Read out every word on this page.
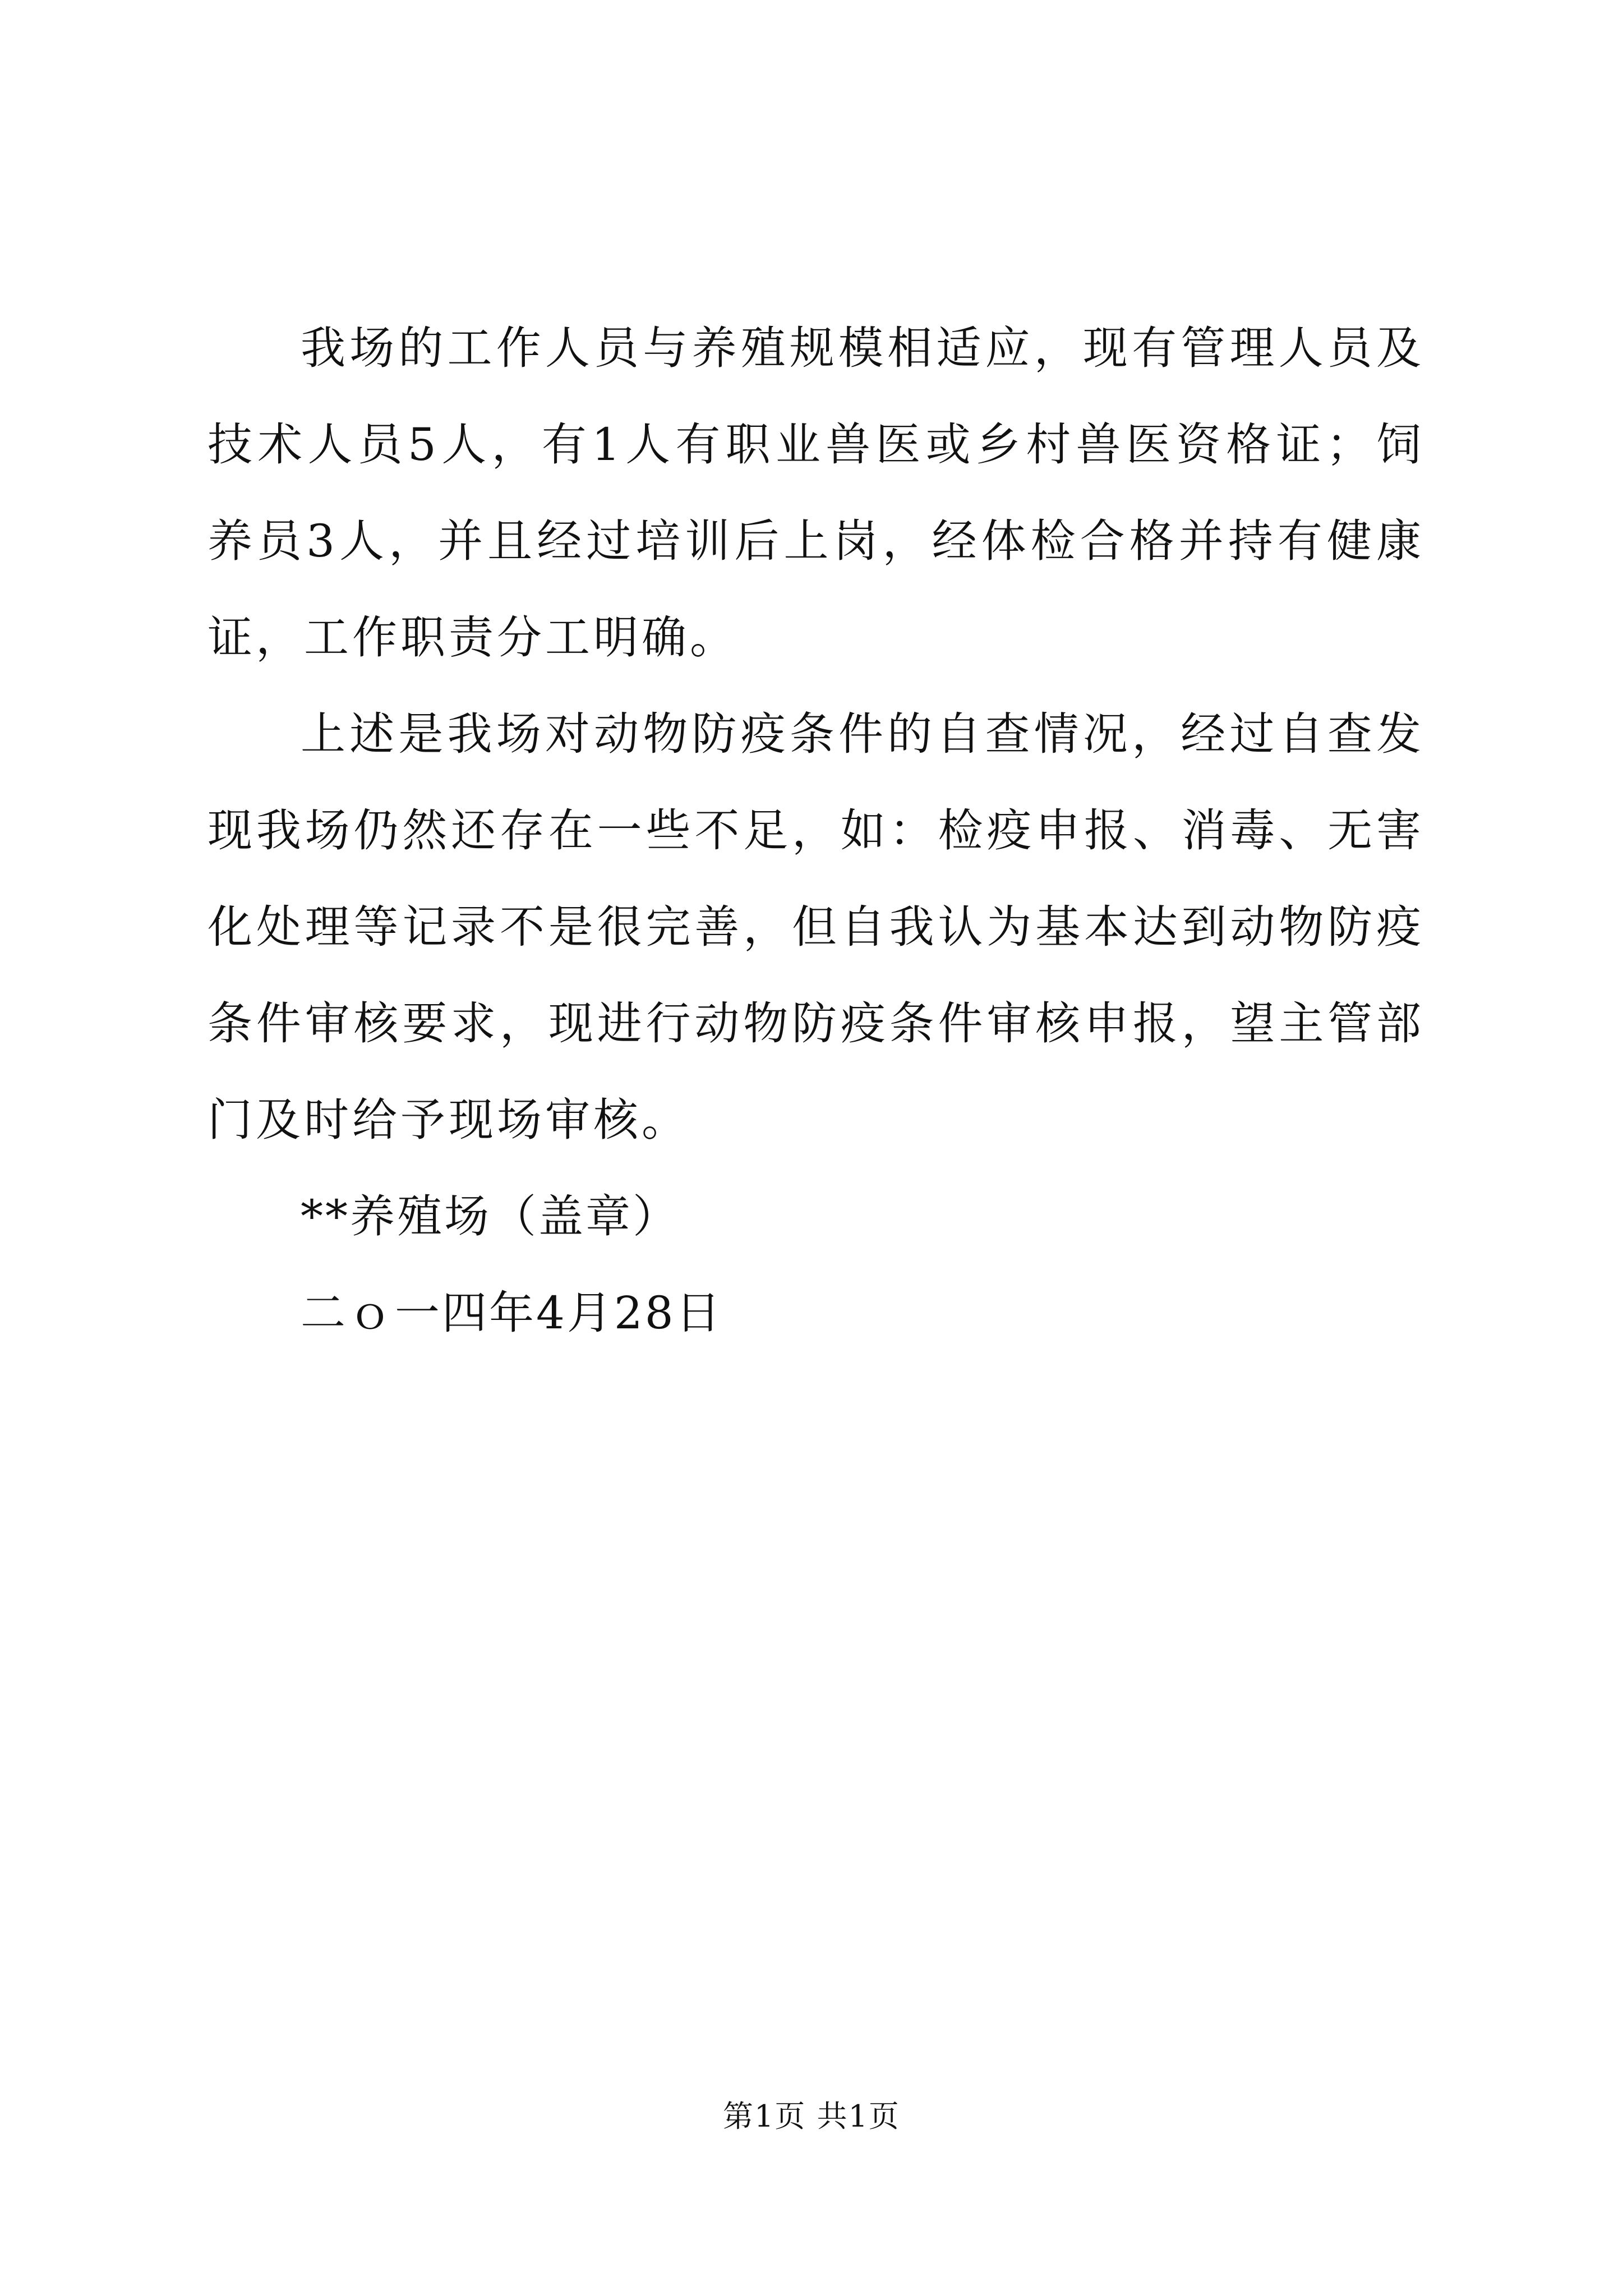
我场的工作人员与养殖规模相适应，现有管理人员及技术人员5人，有1人有职业兽医或乡村兽医资格证；饲养员3人，并且经过培训后上岗，经体检合格并持有健康证，工作职责分工明确。

上述是我场对动物防疫条件的自查情况，经过自查发现我场仍然还存在一些不足，如：检疫申报、消毒、无害化处理等记录不是很完善，但自我认为基本达到动物防疫条件审核要求，现进行动物防疫条件审核申报，望主管部门及时给予现场审核。

**养殖场（盖章）

二ｏ一四年4月28日

第1页 共1页
